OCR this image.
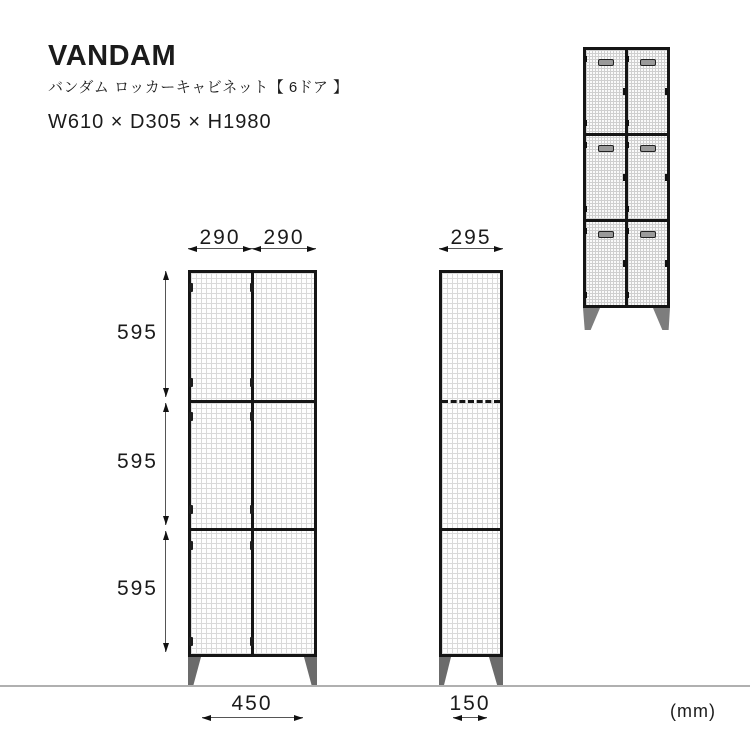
VANDAM
バンダム ロッカーキャビネット【 6ドア 】
W610 × D305 × H1980
290 290	295
595
595
595
450	150	(mm)
